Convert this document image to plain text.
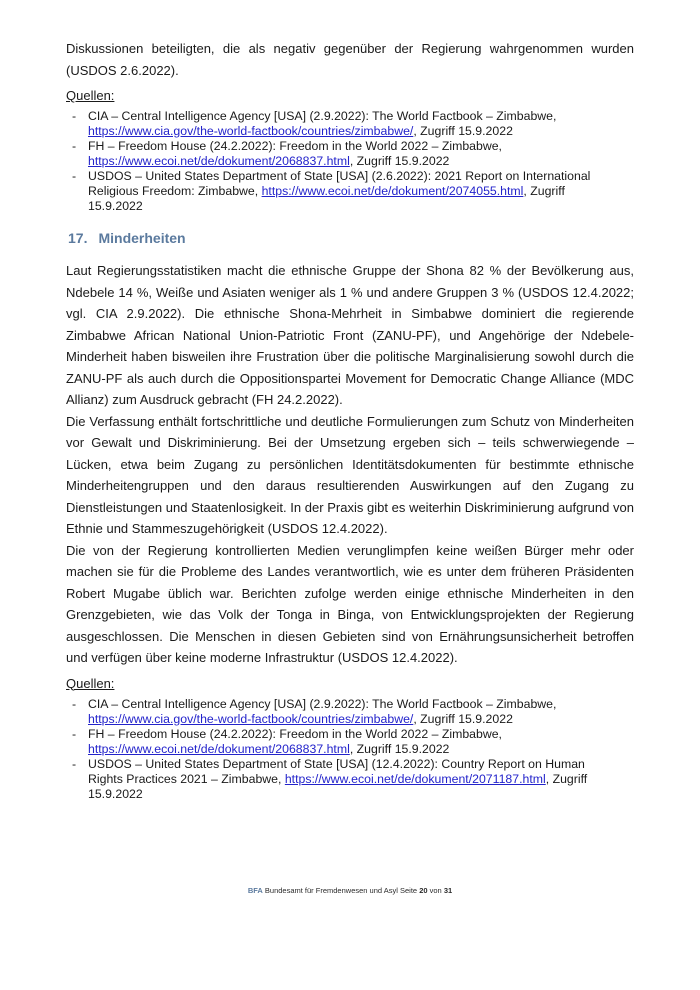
Diskussionen beteiligten, die als negativ gegenüber der Regierung wahrgenommen wurden (USDOS 2.6.2022).

Quellen:

- CIA – Central Intelligence Agency [USA] (2.9.2022): The World Factbook – Zimbabwe,
https://www.cia.gov/the-world-factbook/countries/zimbabwe/, Zugriff 15.9.2022
- FH – Freedom House (24.2.2022): Freedom in the World 2022 – Zimbabwe,
https://www.ecoi.net/de/dokument/2068837.html, Zugriff 15.9.2022
- USDOS – United States Department of State [USA] (2.6.2022): 2021 Report on International
Religious Freedom: Zimbabwe, https://www.ecoi.net/de/dokument/2074055.html, Zugriff
15.9.2022
17. Minderheiten

Laut Regierungsstatistiken macht die ethnische Gruppe der Shona 82 % der Bevölkerung aus, Ndebele 14 %, Weiße und Asiaten weniger als 1 % und andere Gruppen 3 % (USDOS 12.4.2022; vgl. CIA 2.9.2022). Die ethnische Shona-Mehrheit in Simbabwe dominiert die regierende Zimbabwe African National Union-Patriotic Front (ZANU-PF), und Angehörige der Ndebele-Minderheit haben bisweilen ihre Frustration über die politische Marginalisierung sowohl durch die ZANU-PF als auch durch die Oppositionspartei Movement for Democratic Change Alliance (MDC Allianz) zum Ausdruck gebracht (FH 24.2.2022).

Die Verfassung enthält fortschrittliche und deutliche Formulierungen zum Schutz von Minderheiten vor Gewalt und Diskriminierung. Bei der Umsetzung ergeben sich – teils schwerwiegende – Lücken, etwa beim Zugang zu persönlichen Identitätsdokumenten für bestimmte ethnische Minderheitengruppen und den daraus resultierenden Auswirkungen auf den Zugang zu Dienstleistungen und Staatenlosigkeit. In der Praxis gibt es weiterhin Diskriminierung aufgrund von Ethnie und Stammeszugehörigkeit (USDOS 12.4.2022).

Die von der Regierung kontrollierten Medien verunglimpfen keine weißen Bürger mehr oder machen sie für die Probleme des Landes verantwortlich, wie es unter dem früheren Präsidenten Robert Mugabe üblich war. Berichten zufolge werden einige ethnische Minderheiten in den Grenzgebieten, wie das Volk der Tonga in Binga, von Entwicklungsprojekten der Regierung ausgeschlossen. Die Menschen in diesen Gebieten sind von Ernährungsunsicherheit betroffen und verfügen über keine moderne Infrastruktur (USDOS 12.4.2022).

Quellen:

- CIA – Central Intelligence Agency [USA] (2.9.2022): The World Factbook – Zimbabwe,
https://www.cia.gov/the-world-factbook/countries/zimbabwe/, Zugriff 15.9.2022
- FH – Freedom House (24.2.2022): Freedom in the World 2022 – Zimbabwe,
https://www.ecoi.net/de/dokument/2068837.html, Zugriff 15.9.2022
- USDOS – United States Department of State [USA] (12.4.2022): Country Report on Human
Rights Practices 2021 – Zimbabwe, https://www.ecoi.net/de/dokument/2071187.html, Zugriff
15.9.2022
BFA Bundesamt für Fremdenwesen und Asyl Seite 20 von 31
